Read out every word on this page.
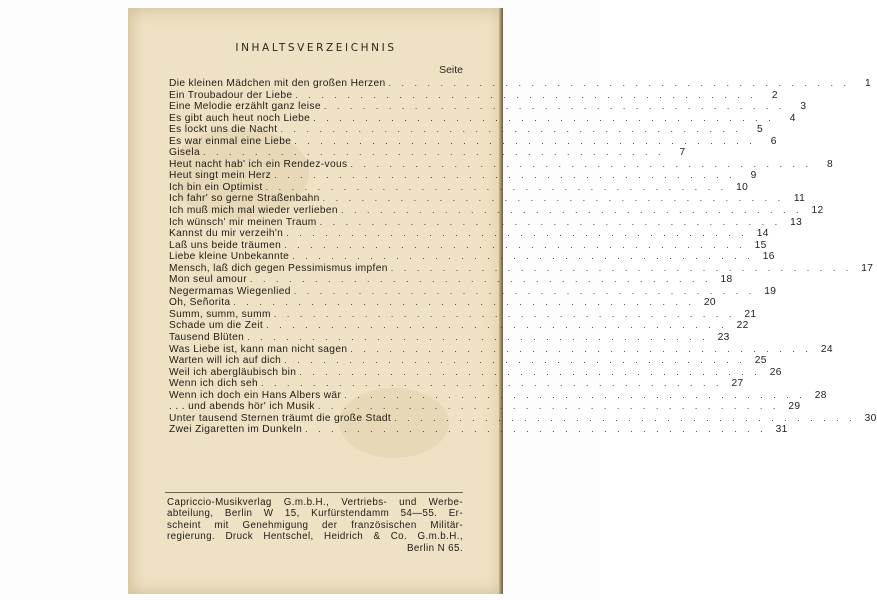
INHALTSVERZEICHNIS
Seite
Die kleinen Mädchen mit den großen Herzen . . . . . . . . . . . . . . . . . . . . . . . . . . . . . . . . . . . .	1
Ein Troubadour der Liebe . . . . . . . . . . . . . . . . . . . . . . . . . . . . . . . . . . . .	2
Eine Melodie erzählt ganz leise . . . . . . . . . . . . . . . . . . . . . . . . . . . . . . . . . . . .	3
Es gibt auch heut noch Liebe . . . . . . . . . . . . . . . . . . . . . . . . . . . . . . . . . . . .	4
Es lockt uns die Nacht . . . . . . . . . . . . . . . . . . . . . . . . . . . . . . . . . . . .	5
Es war einmal eine Liebe . . . . . . . . . . . . . . . . . . . . . . . . . . . . . . . . . . . .	6
Gisela . . . . . . . . . . . . . . . . . . . . . . . . . . . . . . . . . . . .	7
Heut nacht hab' ich ein Rendez-vous . . . . . . . . . . . . . . . . . . . . . . . . . . . . . . . . . . . .	8
Heut singt mein Herz . . . . . . . . . . . . . . . . . . . . . . . . . . . . . . . . . . . .	9
Ich bin ein Optimist . . . . . . . . . . . . . . . . . . . . . . . . . . . . . . . . . . . . 10
Ich fahr' so gerne Straßenbahn . . . . . . . . . . . . . . . . . . . . . . . . . . . . . . . . . . . . 11
Ich muß mich mal wieder verlieben . . . . . . . . . . . . . . . . . . . . . . . . . . . . . . . . . . . . 12
Ich wünsch' mir meinen Traum . . . . . . . . . . . . . . . . . . . . . . . . . . . . . . . . . . . . 13
Kannst du mir verzeih'n . . . . . . . . . . . . . . . . . . . . . . . . . . . . . . . . . . . . 14
Laß uns beide träumen . . . . . . . . . . . . . . . . . . . . . . . . . . . . . . . . . . . . 15
Liebe kleine Unbekannte . . . . . . . . . . . . . . . . . . . . . . . . . . . . . . . . . . . . 16
Mensch, laß dich gegen Pessimismus impfen . . . . . . . . . . . . . . . . . . . . . . . . . . . . . . . . . . . . 17
Mon seul amour . . . . . . . . . . . . . . . . . . . . . . . . . . . . . . . . . . . . 18
Negermamas Wiegenlied . . . . . . . . . . . . . . . . . . . . . . . . . . . . . . . . . . . . 19
Oh, Señorita . . . . . . . . . . . . . . . . . . . . . . . . . . . . . . . . . . . . 20
Summ, summ, summ . . . . . . . . . . . . . . . . . . . . . . . . . . . . . . . . . . . . 21
Schade um die Zeit . . . . . . . . . . . . . . . . . . . . . . . . . . . . . . . . . . . . 22
Tausend Blüten . . . . . . . . . . . . . . . . . . . . . . . . . . . . . . . . . . . . 23
Was Liebe ist, kann man nicht sagen . . . . . . . . . . . . . . . . . . . . . . . . . . . . . . . . . . . . 24
Warten will ich auf dich . . . . . . . . . . . . . . . . . . . . . . . . . . . . . . . . . . . . 25
Weil ich abergläubisch bin . . . . . . . . . . . . . . . . . . . . . . . . . . . . . . . . . . . . 26
Wenn ich dich seh . . . . . . . . . . . . . . . . . . . . . . . . . . . . . . . . . . . . 27
Wenn ich doch ein Hans Albers wär . . . . . . . . . . . . . . . . . . . . . . . . . . . . . . . . . . . . 28
. . . und abends hör' ich Musik . . . . . . . . . . . . . . . . . . . . . . . . . . . . . . . . . . . . 29
Unter tausend Sternen träumt die große Stadt . . . . . . . . . . . . . . . . . . . . . . . . . . . . . . . . . . . . 30
Zwei Zigaretten im Dunkeln . . . . . . . . . . . . . . . . . . . . . . . . . . . . . . . . . . . . 31
Capriccio-Musikverlag G.m.b.H., Vertriebs- und Werbe-
abteilung, Berlin W 15, Kurfürstendamm 54—55. Er-
scheint mit Genehmigung der französischen Militär-
regierung. Druck Hentschel, Heidrich & Co. G.m.b.H.,
Berlin N 65.
